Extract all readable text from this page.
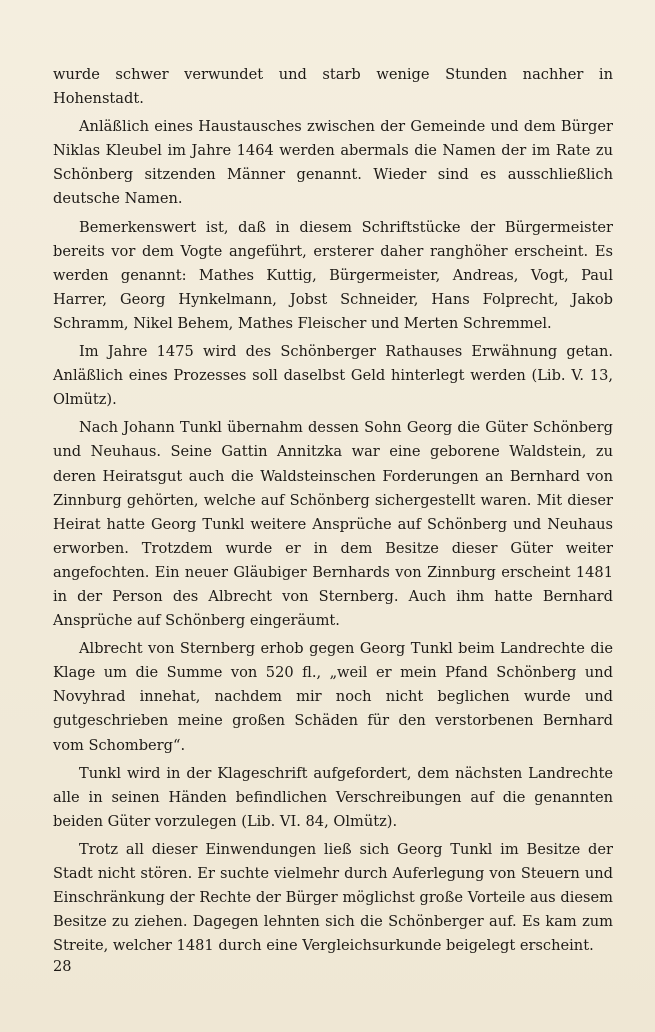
wurde schwer verwundet und starb wenige Stunden nachher in Hohenstadt.

Anläßlich eines Haustausches zwischen der Gemeinde und dem Bürger Niklas Kleubel im Jahre 1464 werden abermals die Namen der im Rate zu Schönberg sitzenden Männer genannt. Wieder sind es ausschließlich deutsche Namen.

Bemerkenswert ist, daß in diesem Schriftstücke der Bürgermeister bereits vor dem Vogte angeführt, ersterer daher ranghöher erscheint. Es werden genannt: Mathes Kuttig, Bürgermeister, Andreas, Vogt, Paul Harrer, Georg Hynkelmann, Jobst Schneider, Hans Folprecht, Jakob Schramm, Nikel Behem, Mathes Fleischer und Merten Schremmel.

Im Jahre 1475 wird des Schönberger Rathauses Erwähnung getan. Anläßlich eines Prozesses soll daselbst Geld hinterlegt werden (Lib. V. 13, Olmütz).

Nach Johann Tunkl übernahm dessen Sohn Georg die Güter Schönberg und Neuhaus. Seine Gattin Annitzka war eine geborene Waldstein, zu deren Heiratsgut auch die Waldsteinschen Forderungen an Bernhard von Zinnburg gehörten, welche auf Schönberg sichergestellt waren. Mit dieser Heirat hatte Georg Tunkl weitere Ansprüche auf Schönberg und Neuhaus erworben. Trotzdem wurde er in dem Besitze dieser Güter weiter angefochten. Ein neuer Gläubiger Bernhards von Zinnburg erscheint 1481 in der Person des Albrecht von Sternberg. Auch ihm hatte Bernhard Ansprüche auf Schönberg eingeräumt.

Albrecht von Sternberg erhob gegen Georg Tunkl beim Landrechte die Klage um die Summe von 520 fl., „weil er mein Pfand Schönberg und Novyhrad innehat, nachdem mir noch nicht beglichen wurde und gutgeschrieben meine großen Schäden für den verstorbenen Bernhard vom Schomberg“.

Tunkl wird in der Klageschrift aufgefordert, dem nächsten Landrechte alle in seinen Händen befindlichen Verschreibungen auf die genannten beiden Güter vorzulegen (Lib. VI. 84, Olmütz).

Trotz all dieser Einwendungen ließ sich Georg Tunkl im Besitze der Stadt nicht stören. Er suchte vielmehr durch Auferlegung von Steuern und Einschränkung der Rechte der Bürger möglichst große Vorteile aus diesem Besitze zu ziehen. Dagegen lehnten sich die Schönberger auf. Es kam zum Streite, welcher 1481 durch eine Vergleichsurkunde beigelegt erscheint.

28
